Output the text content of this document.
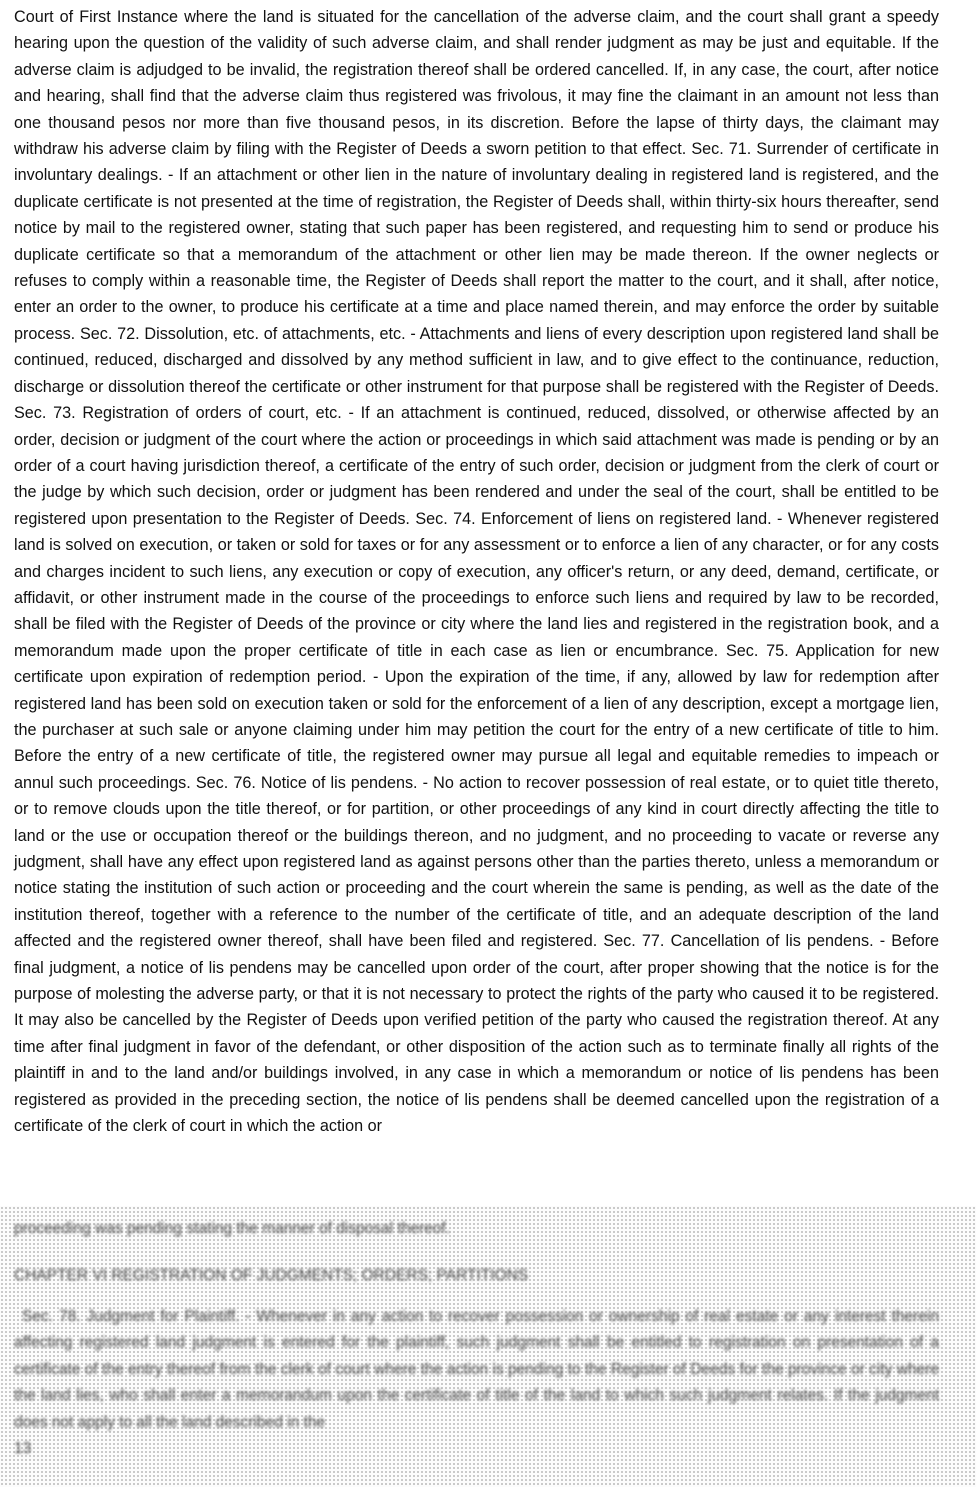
Court of First Instance where the land is situated for the cancellation of the adverse claim, and the court shall grant a speedy hearing upon the question of the validity of such adverse claim, and shall render judgment as may be just and equitable. If the adverse claim is adjudged to be invalid, the registration thereof shall be ordered cancelled. If, in any case, the court, after notice and hearing, shall find that the adverse claim thus registered was frivolous, it may fine the claimant in an amount not less than one thousand pesos nor more than five thousand pesos, in its discretion. Before the lapse of thirty days, the claimant may withdraw his adverse claim by filing with the Register of Deeds a sworn petition to that effect. Sec. 71. Surrender of certificate in involuntary dealings. - If an attachment or other lien in the nature of involuntary dealing in registered land is registered, and the duplicate certificate is not presented at the time of registration, the Register of Deeds shall, within thirty-six hours thereafter, send notice by mail to the registered owner, stating that such paper has been registered, and requesting him to send or produce his duplicate certificate so that a memorandum of the attachment or other lien may be made thereon. If the owner neglects or refuses to comply within a reasonable time, the Register of Deeds shall report the matter to the court, and it shall, after notice, enter an order to the owner, to produce his certificate at a time and place named therein, and may enforce the order by suitable process. Sec. 72. Dissolution, etc. of attachments, etc. - Attachments and liens of every description upon registered land shall be continued, reduced, discharged and dissolved by any method sufficient in law, and to give effect to the continuance, reduction, discharge or dissolution thereof the certificate or other instrument for that purpose shall be registered with the Register of Deeds. Sec. 73. Registration of orders of court, etc. - If an attachment is continued, reduced, dissolved, or otherwise affected by an order, decision or judgment of the court where the action or proceedings in which said attachment was made is pending or by an order of a court having jurisdiction thereof, a certificate of the entry of such order, decision or judgment from the clerk of court or the judge by which such decision, order or judgment has been rendered and under the seal of the court, shall be entitled to be registered upon presentation to the Register of Deeds. Sec. 74. Enforcement of liens on registered land. - Whenever registered land is solved on execution, or taken or sold for taxes or for any assessment or to enforce a lien of any character, or for any costs and charges incident to such liens, any execution or copy of execution, any officer's return, or any deed, demand, certificate, or affidavit, or other instrument made in the course of the proceedings to enforce such liens and required by law to be recorded, shall be filed with the Register of Deeds of the province or city where the land lies and registered in the registration book, and a memorandum made upon the proper certificate of title in each case as lien or encumbrance. Sec. 75. Application for new certificate upon expiration of redemption period. - Upon the expiration of the time, if any, allowed by law for redemption after registered land has been sold on execution taken or sold for the enforcement of a lien of any description, except a mortgage lien, the purchaser at such sale or anyone claiming under him may petition the court for the entry of a new certificate of title to him. Before the entry of a new certificate of title, the registered owner may pursue all legal and equitable remedies to impeach or annul such proceedings. Sec. 76. Notice of lis pendens. - No action to recover possession of real estate, or to quiet title thereto, or to remove clouds upon the title thereof, or for partition, or other proceedings of any kind in court directly affecting the title to land or the use or occupation thereof or the buildings thereon, and no judgment, and no proceeding to vacate or reverse any judgment, shall have any effect upon registered land as against persons other than the parties thereto, unless a memorandum or notice stating the institution of such action or proceeding and the court wherein the same is pending, as well as the date of the institution thereof, together with a reference to the number of the certificate of title, and an adequate description of the land affected and the registered owner thereof, shall have been filed and registered. Sec. 77. Cancellation of lis pendens. - Before final judgment, a notice of lis pendens may be cancelled upon order of the court, after proper showing that the notice is for the purpose of molesting the adverse party, or that it is not necessary to protect the rights of the party who caused it to be registered. It may also be cancelled by the Register of Deeds upon verified petition of the party who caused the registration thereof. At any time after final judgment in favor of the defendant, or other disposition of the action such as to terminate finally all rights of the plaintiff in and to the land and/or buildings involved, in any case in which a memorandum or notice of lis pendens has been registered as provided in the preceding section, the notice of lis pendens shall be deemed cancelled upon the registration of a certificate of the clerk of court in which the action or

proceeding was pending stating the manner of disposal thereof.

CHAPTER VI REGISTRATION OF JUDGMENTS; ORDERS; PARTITIONS

Sec. 78. Judgment for Plaintiff. - Whenever in any action to recover possession or ownership of real estate or any interest therein affecting registered land judgment is entered for the plaintiff, such judgment shall be entitled to registration on presentation of a certificate of the entry thereof from the clerk of court where the action is pending to the Register of Deeds for the province or city where the land lies, who shall enter a memorandum upon the certificate of title of the land to which such judgment relates. If the judgment does not apply to all the land described in the
13
